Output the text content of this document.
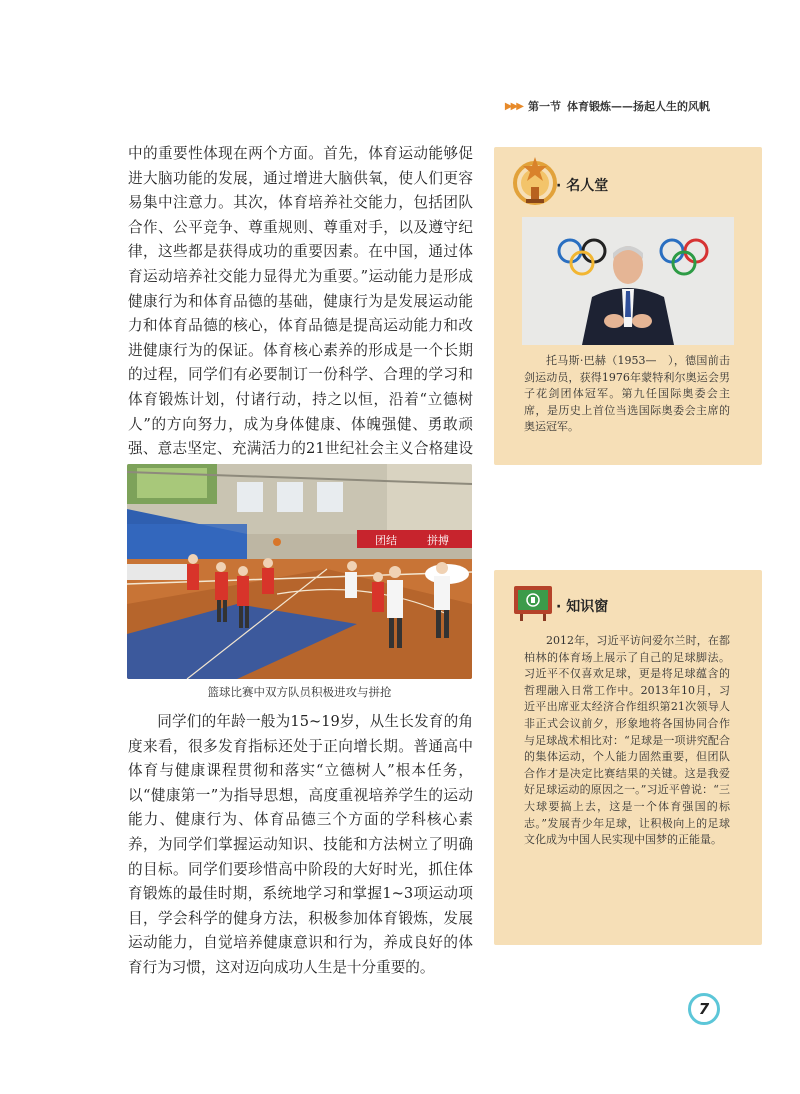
▶▶▶ 第一节 体育锻炼——扬起人生的风帆

中的重要性体现在两个方面。首先，体育运动能够促进大脑功能的发展，通过增进大脑供氧，使人们更容易集中注意力。其次，体育培养社交能力，包括团队合作、公平竞争、尊重规则、尊重对手，以及遵守纪律，这些都是获得成功的重要因素。在中国，通过体育运动培养社交能力显得尤为重要。”运动能力是形成健康行为和体育品德的基础，健康行为是发展运动能力和体育品德的核心，体育品德是提高运动能力和改进健康行为的保证。体育核心素养的形成是一个长期的过程，同学们有必要制订一份科学、合理的学习和体育锻炼计划，付诸行动，持之以恒，沿着“立德树人”的方向努力，成为身体健康、体魄强健、勇敢顽强、意志坚定、充满活力的21世纪社会主义合格建设

团结	拼搏
篮球比赛中双方队员积极进攻与拼抢

同学们的年龄一般为15~19岁，从生长发育的角度来看，很多发育指标还处于正向增长期。普通高中体育与健康课程贯彻和落实“立德树人”根本任务，以“健康第一”为指导思想，高度重视培养学生的运动能力、健康行为、体育品德三个方面的学科核心素养，为同学们掌握运动知识、技能和方法树立了明确的目标。同学们要珍惜高中阶段的大好时光，抓住体育锻炼的最佳时期，系统地学习和掌握1~3项运动项目，学会科学的健身方法，积极参加体育锻炼，发展运动能力，自觉培养健康意识和行为，养成良好的体育行为习惯，这对迈向成功人生是十分重要的。

· 名人堂

托马斯·巴赫（1953—　），德国前击剑运动员，获得1976年蒙特利尔奥运会男子花剑团体冠军。第九任国际奥委会主席，是历史上首位当选国际奥委会主席的奥运冠军。

· 知识窗

2012年，习近平访问爱尔兰时，在都柏林的体育场上展示了自己的足球脚法。习近平不仅喜欢足球，更是将足球蕴含的哲理融入日常工作中。2013年10月，习近平出席亚太经济合作组织第21次领导人非正式会议前夕，形象地将各国协同合作与足球战术相比对：“足球是一项讲究配合的集体运动，个人能力固然重要，但团队合作才是决定比赛结果的关键。这是我爱好足球运动的原因之一。”习近平曾说：“三大球要搞上去，这是一个体育强国的标志。”发展青少年足球，让积极向上的足球文化成为中国人民实现中国梦的正能量。

7
